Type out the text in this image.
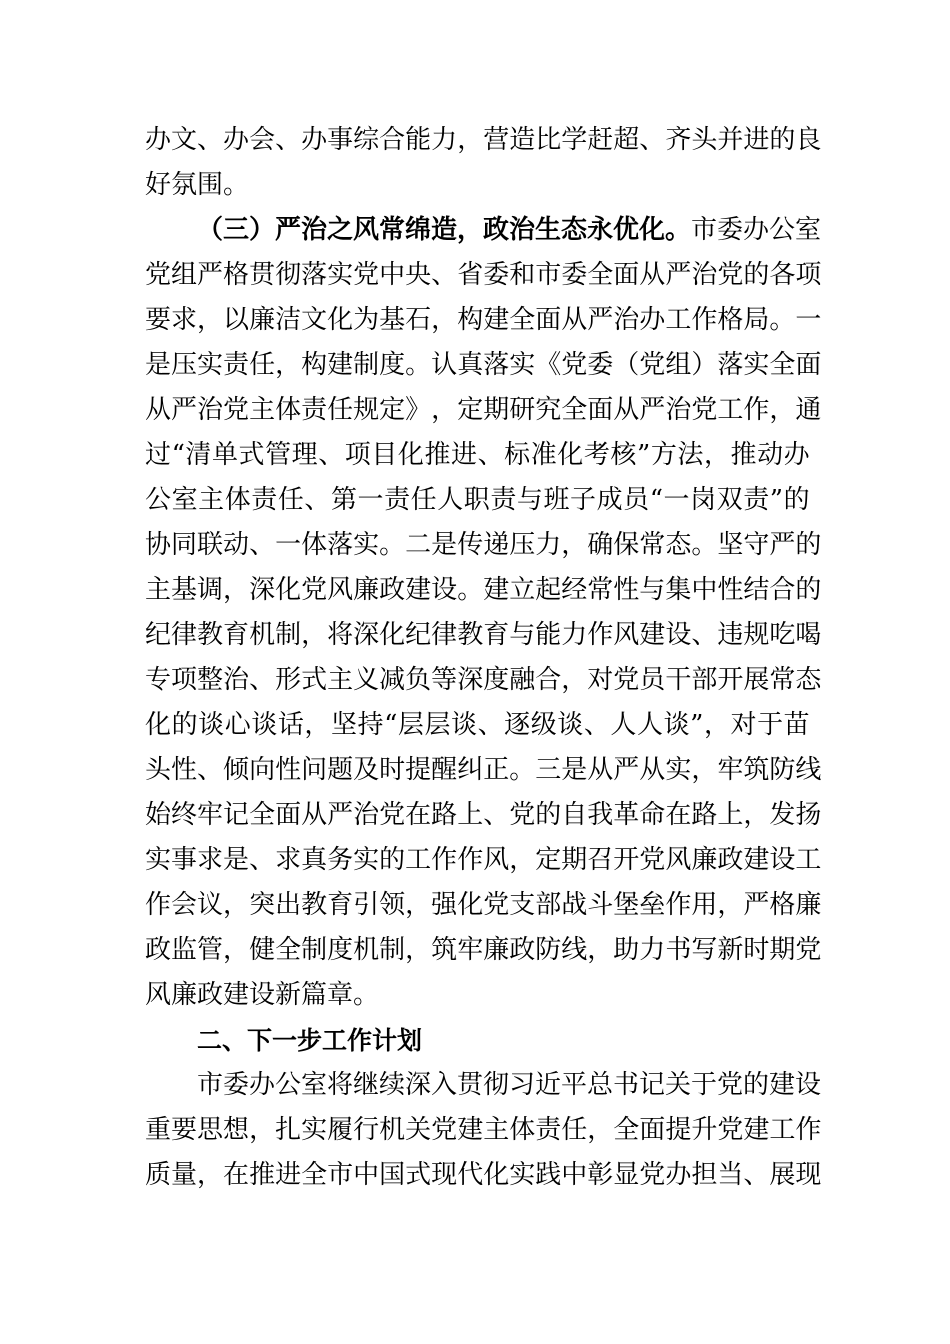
办 文 、 办 会 、 办 事 综 合 能 力 ， 营 造 比 学 赶 超 、 齐 头 并 进 的 良
好氛围。
（三）严治之风常绵造，政治生态永优化。 市委办公室
党 组 严 格 贯 彻 落 实 党 中 央 、 省 委 和 市 委 全 面 从 严 治 党 的 各 项
要 求 ， 以 廉 洁 文 化 为 基 石 ， 构 建 全 面 从 严 治 办 工 作 格 局 。 一
是 压 实 责 任 ， 构 建 制 度 。 认 真 落 实 《 党 委 （ 党 组 ） 落 实 全 面
从 严 治 党 主 体 责 任 规 定 》 ， 定 期 研 究 全 面 从 严 治 党 工 作 ， 通
过 “ 清 单 式 管 理 、 项 目 化 推 进 、 标 准 化 考 核 ” 方 法 ， 推 动 办
公 室 主 体 责 任 、 第 一 责 任 人 职 责 与 班 子 成 员 “ 一 岗 双 责 ” 的
协 同 联 动 、 一 体 落 实 。 二 是 传 递 压 力 ， 确 保 常 态 。 坚 守 严 的
主 基 调 ， 深 化 党 风 廉 政 建 设 。 建 立 起 经 常 性 与 集 中 性 结 合 的
纪 律 教 育 机 制 ， 将 深 化 纪 律 教 育 与 能 力 作 风 建 设 、 违 规 吃 喝
专 项 整 治 、 形 式 主 义 减 负 等 深 度 融 合 ， 对 党 员 干 部 开 展 常 态
化 的 谈 心 谈 话 ， 坚 持 “ 层 层 谈 、 逐 级 谈 、 人 人 谈 ” ， 对 于 苗
头 性 、 倾 向 性 问 题 及 时 提 醒 纠 正 。 三 是 从 严 从 实 ， 牢 筑 防 线
始 终 牢 记 全 面 从 严 治 党 在 路 上 、 党 的 自 我 革 命 在 路 上 ， 发 扬
实 事 求 是 、 求 真 务 实 的 工 作 作 风 ， 定 期 召 开 党 风 廉 政 建 设 工
作 会 议 ， 突 出 教 育 引 领 ， 强 化 党 支 部 战 斗 堡 垒 作 用 ， 严 格 廉
政 监 管 ， 健 全 制 度 机 制 ， 筑 牢 廉 政 防 线 ， 助 力 书 写 新 时 期 党
风廉政建设新篇章。
二、下一步工作计划
市委办公室将继续深入贯彻习近平总书记关于党的建设
重 要 思 想 ， 扎 实 履 行 机 关 党 建 主 体 责 任 ， 全 面 提 升 党 建 工 作
质 量 ， 在 推 进 全 市 中 国 式 现 代 化 实 践 中 彰 显 党 办 担 当 、 展 现
